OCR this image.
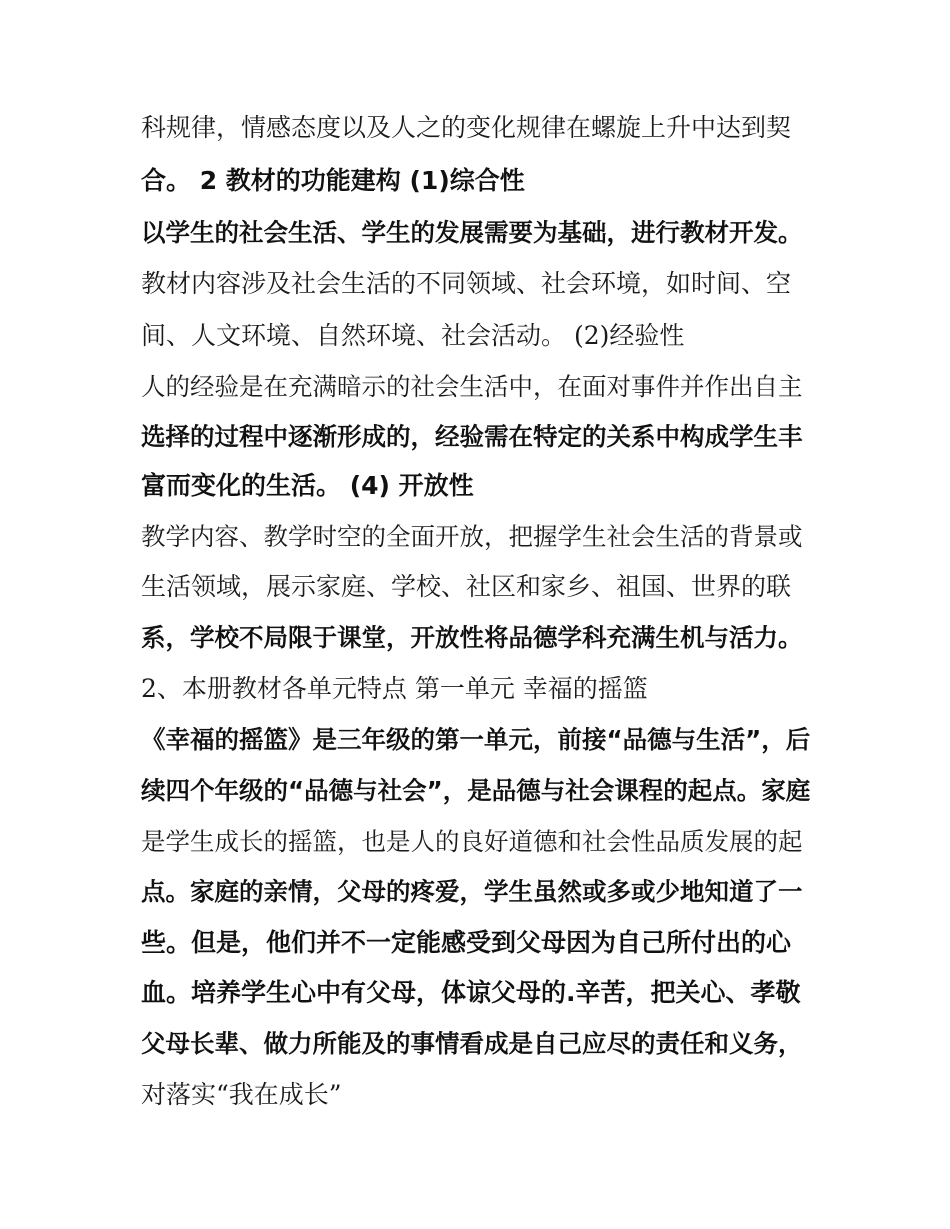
科规律，情感态度以及人之的变化规律在螺旋上升中达到契
合。 2 教材的功能建构 (1)综合性
以学生的社会生活、学生的发展需要为基础，进行教材开发。
教材内容涉及社会生活的不同领域、社会环境，如时间、空
间、人文环境、自然环境、社会活动。 (2)经验性
人的经验是在充满暗示的社会生活中，在面对事件并作出自主
选择的过程中逐渐形成的，经验需在特定的关系中构成学生丰
富而变化的生活。 (4) 开放性
教学内容、教学时空的全面开放，把握学生社会生活的背景或
生活领域，展示家庭、学校、社区和家乡、祖国、世界的联
系，学校不局限于课堂，开放性将品德学科充满生机与活力。
2、本册教材各单元特点 第一单元 幸福的摇篮
《幸福的摇篮》是三年级的第一单元，前接“品德与生活”，后
续四个年级的“品德与社会”，是品德与社会课程的起点。家庭
是学生成长的摇篮，也是人的良好道德和社会性品质发展的起
点。家庭的亲情，父母的疼爱，学生虽然或多或少地知道了一
些。但是，他们并不一定能感受到父母因为自己所付出的心
血。培养学生心中有父母，体谅父母的.辛苦，把关心、孝敬
父母长辈、做力所能及的事情看成是自己应尽的责任和义务，
对落实“我在成长”
